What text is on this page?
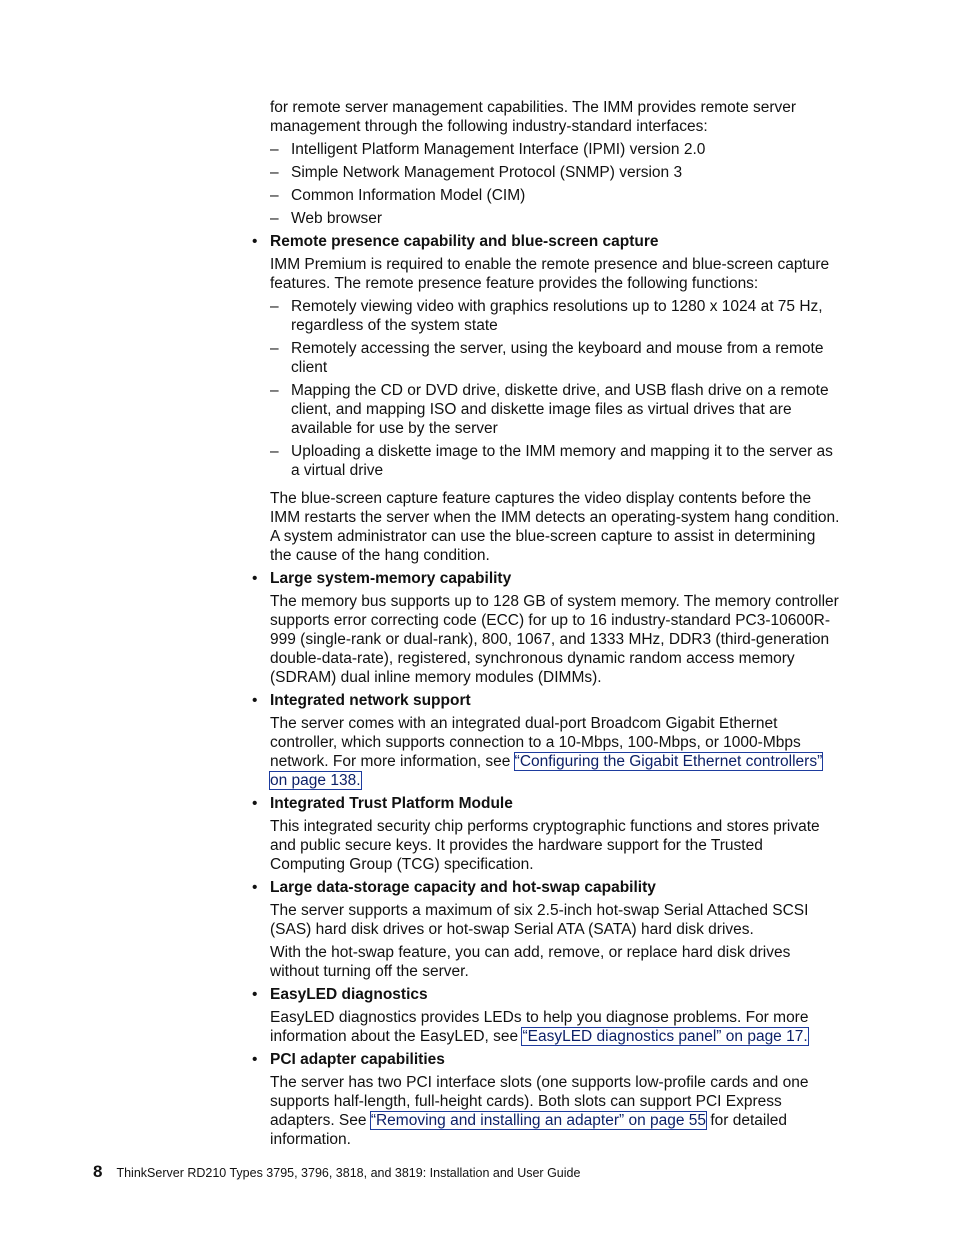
for remote server management capabilities. The IMM provides remote server management through the following industry-standard interfaces:

– Intelligent Platform Management Interface (IPMI) version 2.0
– Simple Network Management Protocol (SNMP) version 3
– Common Information Model (CIM)
– Web browser
• Remote presence capability and blue-screen capture

IMM Premium is required to enable the remote presence and blue-screen capture features. The remote presence feature provides the following functions:

– Remotely viewing video with graphics resolutions up to 1280 x 1024 at 75 Hz, regardless of the system state
– Remotely accessing the server, using the keyboard and mouse from a remote client
– Mapping the CD or DVD drive, diskette drive, and USB flash drive on a remote client, and mapping ISO and diskette image files as virtual drives that are available for use by the server
– Uploading a diskette image to the IMM memory and mapping it to the server as a virtual drive

The blue-screen capture feature captures the video display contents before the IMM restarts the server when the IMM detects an operating-system hang condition. A system administrator can use the blue-screen capture to assist in determining the cause of the hang condition.

• Large system-memory capability

The memory bus supports up to 128 GB of system memory. The memory controller supports error correcting code (ECC) for up to 16 industry-standard PC3-10600R-999 (single-rank or dual-rank), 800, 1067, and 1333 MHz, DDR3 (third-generation double-data-rate), registered, synchronous dynamic random access memory (SDRAM) dual inline memory modules (DIMMs).

• Integrated network support

The server comes with an integrated dual-port Broadcom Gigabit Ethernet controller, which supports connection to a 10-Mbps, 100-Mbps, or 1000-Mbps network. For more information, see “Configuring the Gigabit Ethernet controllers” on page 138.

• Integrated Trust Platform Module

This integrated security chip performs cryptographic functions and stores private and public secure keys. It provides the hardware support for the Trusted Computing Group (TCG) specification.

• Large data-storage capacity and hot-swap capability

The server supports a maximum of six 2.5-inch hot-swap Serial Attached SCSI (SAS) hard disk drives or hot-swap Serial ATA (SATA) hard disk drives.

With the hot-swap feature, you can add, remove, or replace hard disk drives without turning off the server.

• EasyLED diagnostics

EasyLED diagnostics provides LEDs to help you diagnose problems. For more information about the EasyLED, see “EasyLED diagnostics panel” on page 17.

• PCI adapter capabilities

The server has two PCI interface slots (one supports low-profile cards and one supports half-length, full-height cards). Both slots can support PCI Express adapters. See “Removing and installing an adapter” on page 55 for detailed information.

8 ThinkServer RD210 Types 3795, 3796, 3818, and 3819: Installation and User Guide
